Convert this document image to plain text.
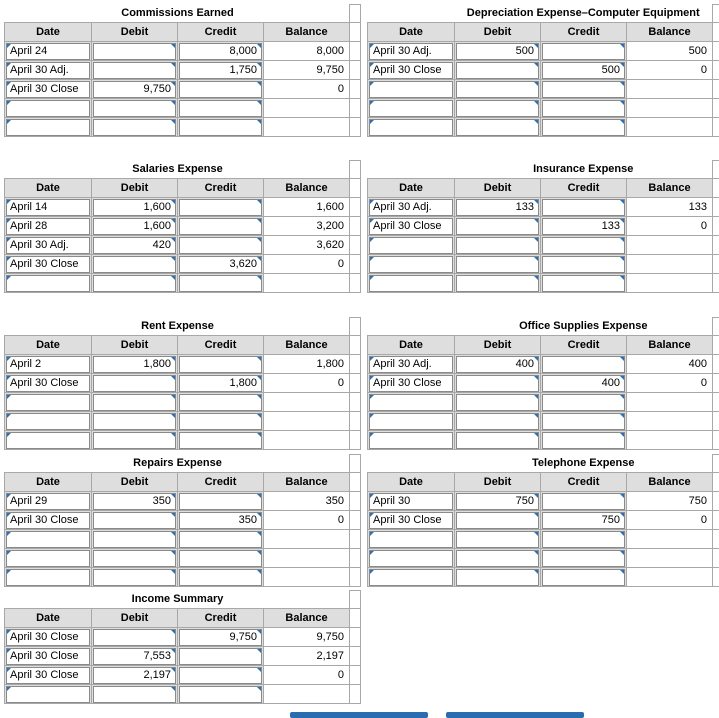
	Commissions Earned			
Date	Debit	Credit	Balance	

April 24		8,000	8,000	

April 30 Adj.		1,750	9,750	

April 30 Close	9,750		0	

	Depreciation Expense–Computer Equipment			
Date	Debit	Credit	Balance	

April 30 Adj.	500		500	

April 30 Close		500	0	

	Salaries Expense			
Date	Debit	Credit	Balance	

April 14	1,600		1,600	

April 28	1,600		3,200	

April 30 Adj.	420		3,620	

April 30 Close		3,620	0	

	Insurance Expense			
Date	Debit	Credit	Balance	

April 30 Adj.	133		133	

April 30 Close		133	0	

	Rent Expense			
Date	Debit	Credit	Balance	

April 2	1,800		1,800	

April 30 Close		1,800	0	

	Office Supplies Expense			
Date	Debit	Credit	Balance	

April 30 Adj.	400		400	

April 30 Close		400	0	

	Repairs Expense			
Date	Debit	Credit	Balance	

April 29	350		350	

April 30 Close		350	0	

	Telephone Expense			
Date	Debit	Credit	Balance	

April 30	750		750	

April 30 Close		750	0	

	Income Summary			
Date	Debit	Credit	Balance	

April 30 Close		9,750	9,750	

April 30 Close	7,553		2,197	

April 30 Close	2,197		0	
